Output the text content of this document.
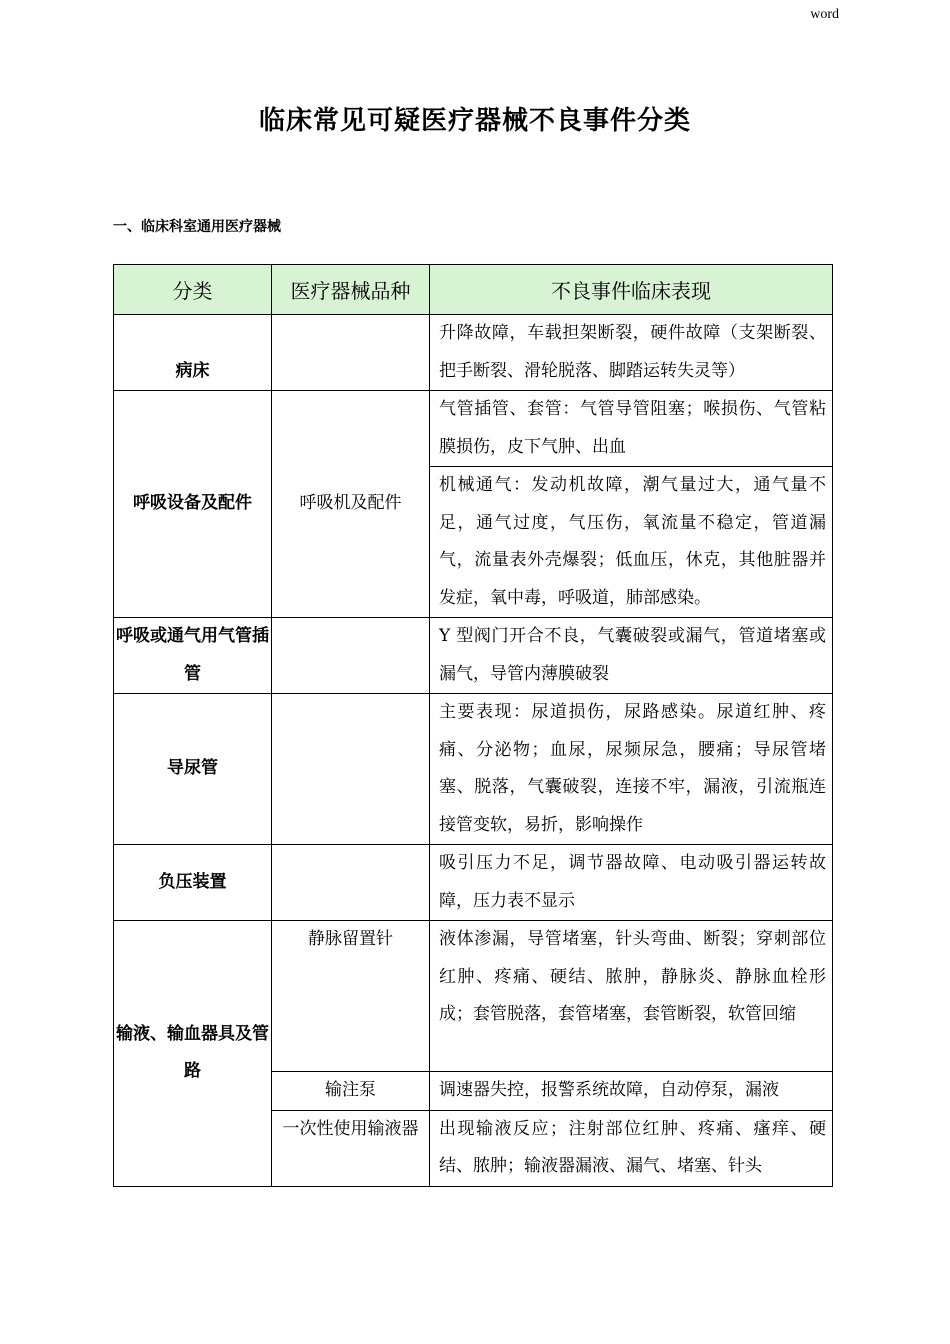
word
临床常见可疑医疗器械不良事件分类
一、临床科室通用医疗器械
分类	医疗器械品种	不良事件临床表现
病床		升降故障，车载担架断裂，硬件故障（支架断裂、把手断裂、滑轮脱落、脚踏运转失灵等）
呼吸设备及配件	呼吸机及配件	气管插管、套管：气管导管阻塞；喉损伤、气管粘膜损伤，皮下气肿、出血
		机械通气：发动机故障，潮气量过大，通气量不足，通气过度，气压伤，氧流量不稳定，管道漏气，流量表外壳爆裂；低血压，休克，其他脏器并发症，氧中毒，呼吸道，肺部感染。
呼吸或通气用气管插管		Y 型阀门开合不良，气囊破裂或漏气，管道堵塞或漏气，导管内薄膜破裂
导尿管		主要表现：尿道损伤，尿路感染。尿道红肿、疼痛、分泌物；血尿，尿频尿急，腰痛；导尿管堵塞、脱落，气囊破裂，连接不牢，漏液，引流瓶连接管变软，易折，影响操作
负压装置		吸引压力不足，调节器故障、电动吸引器运转故障，压力表不显示
输液、输血器具及管路	静脉留置针	液体渗漏，导管堵塞，针头弯曲、断裂；穿刺部位红肿、疼痛、硬结、脓肿，静脉炎、静脉血栓形成；套管脱落，套管堵塞，套管断裂，软管回缩
	输注泵	调速器失控，报警系统故障，自动停泵，漏液
	一次性使用输液器	出现输液反应；注射部位红肿、疼痛、瘙痒、硬结、脓肿；输液器漏液、漏气、堵塞、针头
